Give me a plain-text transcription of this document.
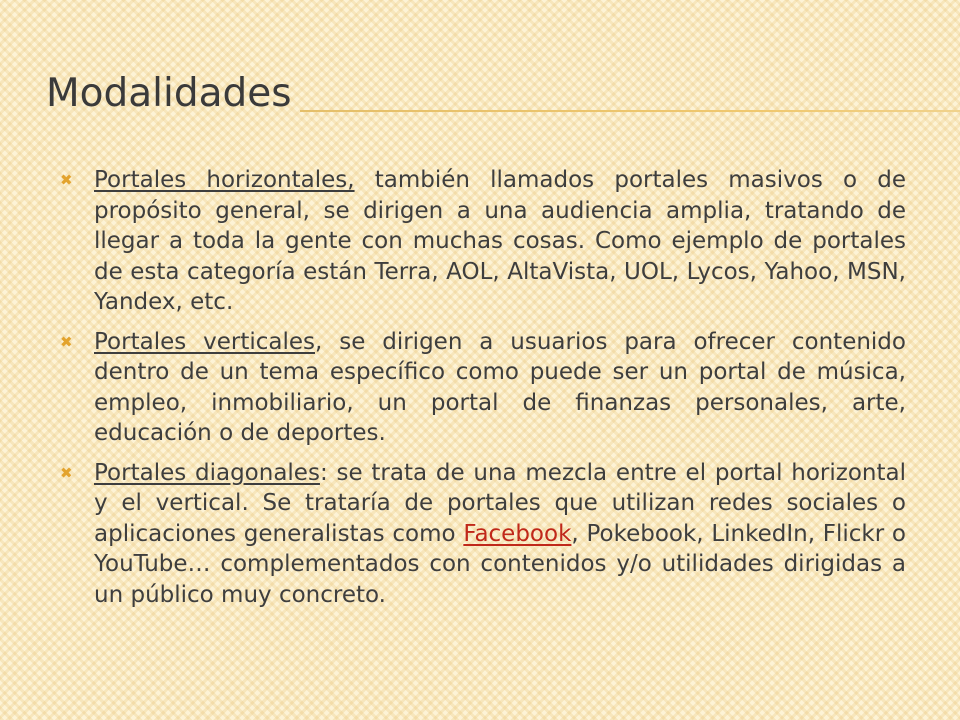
Modalidades
✖ Portales horizontales, también llamados portales masivos o de propósito general, se dirigen a una audiencia amplia, tratando de llegar a toda la gente con muchas cosas. Como ejemplo de portales de esta categoría están Terra, AOL, AltaVista, UOL, Lycos, Yahoo, MSN, Yandex, etc.
✖ Portales verticales, se dirigen a usuarios para ofrecer contenido dentro de un tema específico como puede ser un portal de música, empleo, inmobiliario, un portal de finanzas personales, arte, educación o de deportes.
✖ Portales diagonales: se trata de una mezcla entre el portal horizontal y el vertical. Se trataría de portales que utilizan redes sociales o aplicaciones generalistas como Facebook, Pokebook, LinkedIn, Flickr o YouTube… complementados con contenidos y/o utilidades dirigidas a un público muy concreto.
